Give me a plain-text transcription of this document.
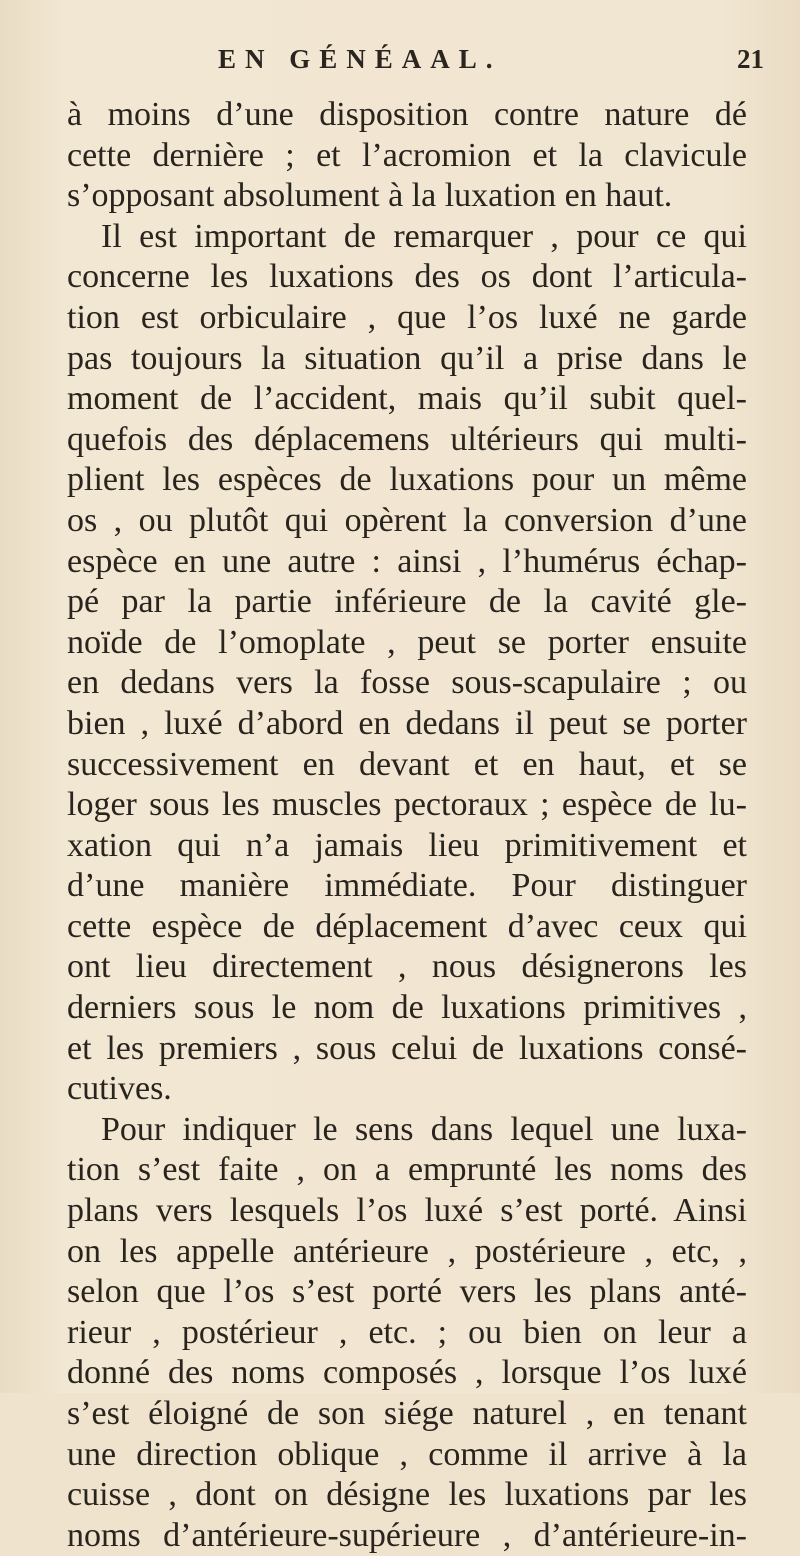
EN GÉNÉAAL.	21
à moins d’une disposition contre nature dé
cette dernière ; et l’acromion et la clavicule
s’opposant absolument à la luxation en haut.
Il est important de remarquer , pour ce qui
concerne les luxations des os dont l’articula-
tion est orbiculaire , que l’os luxé ne garde
pas toujours la situation qu’il a prise dans le
moment de l’accident, mais qu’il subit quel-
quefois des déplacemens ultérieurs qui multi-
plient les espèces de luxations pour un même
os , ou plutôt qui opèrent la conversion d’une
espèce en une autre : ainsi , l’humérus échap-
pé par la partie inférieure de la cavité gle-
noïde de l’omoplate , peut se porter ensuite
en dedans vers la fosse sous-scapulaire ; ou
bien , luxé d’abord en dedans il peut se porter
successivement en devant et en haut, et se
loger sous les muscles pectoraux ; espèce de lu-
xation qui n’a jamais lieu primitivement et
d’une manière immédiate. Pour distinguer
cette espèce de déplacement d’avec ceux qui
ont lieu directement , nous désignerons les
derniers sous le nom de luxations primitives ,
et les premiers , sous celui de luxations consé-
cutives.
Pour indiquer le sens dans lequel une luxa-
tion s’est faite , on a emprunté les noms des
plans vers lesquels l’os luxé s’est porté. Ainsi
on les appelle antérieure , postérieure , etc, ,
selon que l’os s’est porté vers les plans anté-
rieur , postérieur , etc. ; ou bien on leur a
donné des noms composés , lorsque l’os luxé
s’est éloigné de son siége naturel , en tenant
une direction oblique , comme il arrive à la
cuisse , dont on désigne les luxations par les
noms d’antérieure-supérieure , d’antérieure-in-
